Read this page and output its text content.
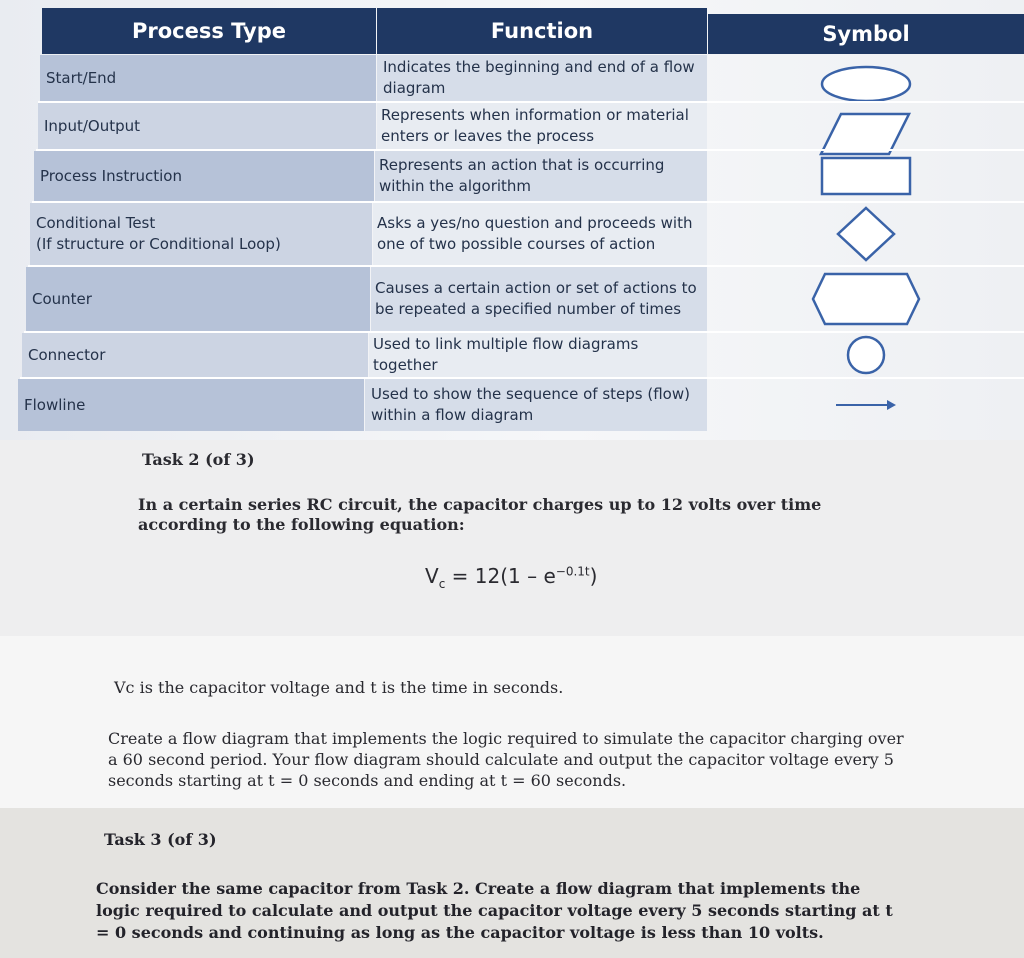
Process Type	Function	Symbol
Start/End
Indicates the beginning and end of a flow diagram
Input/Output
Represents when information or material enters or leaves the process
Process Instruction
Represents an action that is occurring within the algorithm
Conditional Test
(If structure or Conditional Loop)
Asks a yes/no question and proceeds with one of two possible courses of action
Counter
Causes a certain action or set of actions to be repeated a specified number of times
Connector
Used to link multiple flow diagrams together
Flowline
Used to show the sequence of steps (flow) within a flow diagram
Task 2 (of 3)
In a certain series RC circuit, the capacitor charges up to 12 volts over time according to the following equation:
$V_c = 12(1 - e^{-0.1t})$
Vc is the capacitor voltage and t is the time in seconds.
Create a flow diagram that implements the logic required to simulate the capacitor charging over a 60 second period. Your flow diagram should calculate and output the capacitor voltage every 5 seconds starting at t = 0 seconds and ending at t = 60 seconds.
Task 3 (of 3)
Consider the same capacitor from Task 2. Create a flow diagram that implements the logic required to calculate and output the capacitor voltage every 5 seconds starting at t = 0 seconds and continuing as long as the capacitor voltage is less than 10 volts.
